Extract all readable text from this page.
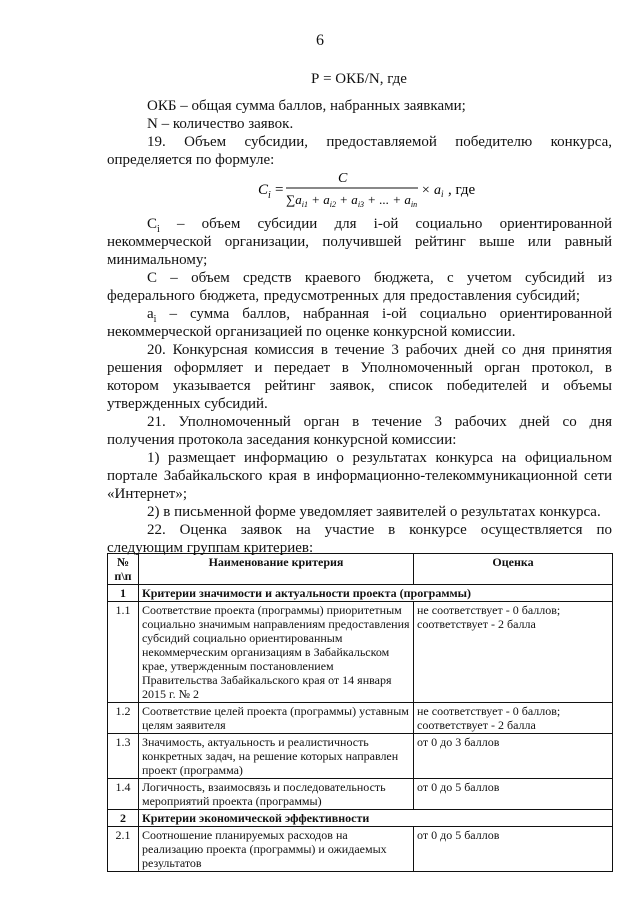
6
Р = ОКБ/N, где
ОКБ – общая сумма баллов, набранных заявками;
N – количество заявок.
19. Объем субсидии, предоставляемой победителю конкурса,
определяется по формуле:
C i =
C
$\sum a_{i1} + a_{i2} + a_{i3}$ + ... + $a_{in}$
× $a_i$ , где
$C_i$ – объем субсидии для i-ой социально ориентированной
некоммерческой организации, получившей рейтинг выше или равный
минимальному;
С – объем средств краевого бюджета, с учетом субсидий из
федерального бюджета, предусмотренных для предоставления субсидий;
$a_i$ – сумма баллов, набранная i-ой социально ориентированной
некоммерческой организацией по оценке конкурсной комиссии.
20. Конкурсная комиссия в течение 3 рабочих дней со дня принятия
решения оформляет и передает в Уполномоченный орган протокол, в
котором указывается рейтинг заявок, список победителей и объемы
утвержденных субсидий.
21. Уполномоченный орган в течение 3 рабочих дней со дня
получения протокола заседания конкурсной комиссии:
1) размещает информацию о результатах конкурса на официальном
портале Забайкальского края в информационно-телекоммуникационной сети
«Интернет»;
2) в письменной форме уведомляет заявителей о результатах конкурса.
22. Оценка заявок на участие в конкурсе осуществляется по
следующим группам критериев:
№ п\п	Наименование критерия	Оценка
1	Критерии значимости и актуальности проекта (программы)	
1.1	Соответствие проекта (программы) приоритетным социально значимым направлениям предоставления субсидий социально ориентированным некоммерческим организациям в Забайкальском крае, утвержденным постановлением Правительства Забайкальского края от 14 января 2015 г. № 2	не соответствует - 0 баллов; соответствует - 2 балла
1.2	Соответствие целей проекта (программы) уставным целям заявителя	не соответствует - 0 баллов; соответствует - 2 балла
1.3	Значимость, актуальность и реалистичность конкретных задач, на решение которых направлен проект (программа)	от 0 до 3 баллов
1.4	Логичность, взаимосвязь и последовательность мероприятий проекта (программы)	от 0 до 5 баллов
2	Критерии экономической эффективности	
2.1	Соотношение планируемых расходов на реализацию проекта (программы) и ожидаемых результатов	от 0 до 5 баллов
